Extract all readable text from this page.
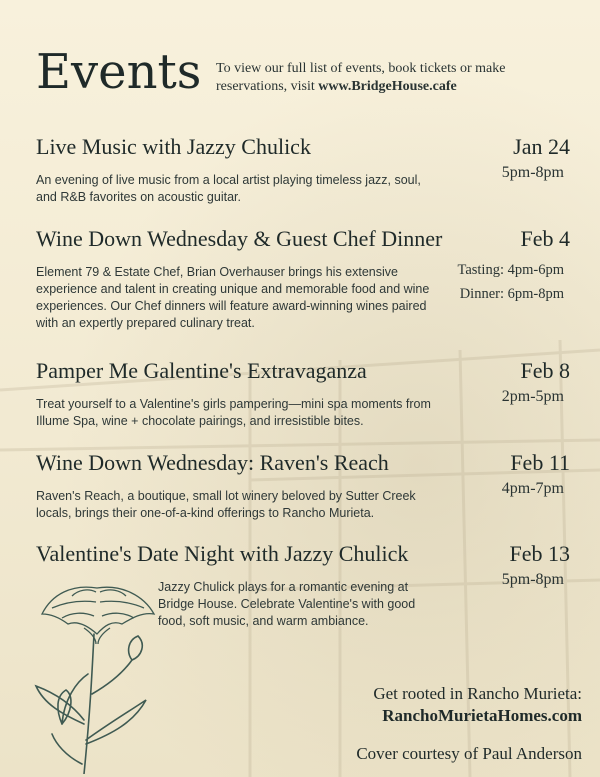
Events To view our full list of events, book tickets or make reservations, visit www.BridgeHouse.cafe
Live Music with Jazzy Chulick	Jan 24
5pm-8pm
An evening of live music from a local artist playing timeless jazz, soul, and R&B favorites on acoustic guitar.
Wine Down Wednesday & Guest Chef Dinner	Feb 4
Tasting: 4pm-6pm
Dinner: 6pm-8pm
Element 79 & Estate Chef, Brian Overhauser brings his extensive experience and talent in creating unique and memorable food and wine experiences. Our Chef dinners will feature award-winning wines paired with an expertly prepared culinary treat.
Pamper Me Galentine's Extravaganza	Feb 8
2pm-5pm
Treat yourself to a Valentine's girls pampering—mini spa moments from Illume Spa, wine + chocolate pairings, and irresistible bites.
Wine Down Wednesday: Raven's Reach	Feb 11
4pm-7pm
Raven's Reach, a boutique, small lot winery beloved by Sutter Creek locals, brings their one-of-a-kind offerings to Rancho Murieta.
Valentine's Date Night with Jazzy Chulick	Feb 13
5pm-8pm
Jazzy Chulick plays for a romantic evening at Bridge House. Celebrate Valentine's with good food, soft music, and warm ambiance.
Get rooted in Rancho Murieta:
RanchoMurietaHomes.com
Cover courtesy of Paul Anderson
